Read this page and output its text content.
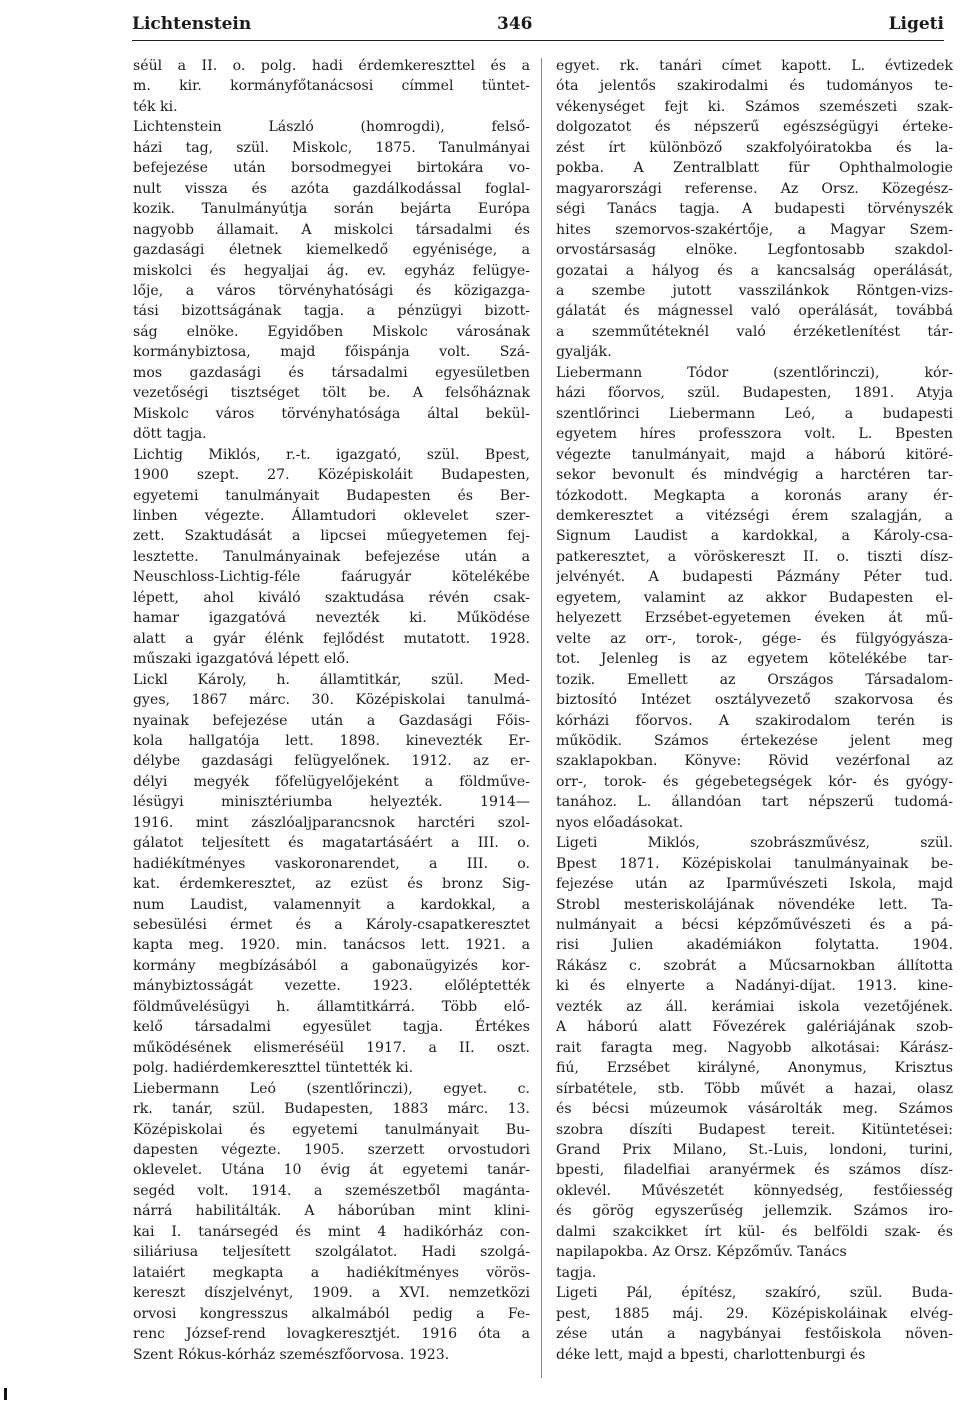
Lichtenstein	346	Ligeti
séül a II. o. polg. hadi érdemkereszttel és a
m. kir. kormányfőtanácsosi címmel tüntet-
ték ki.
Lichtenstein László (homrogdi), felső-
házi tag, szül. Miskolc, 1875. Tanulmányai
befejezése után borsodmegyei birtokára vo-
nult vissza és azóta gazdálkodással foglal-
kozik. Tanulmányútja során bejárta Európa
nagyobb államait. A miskolci társadalmi és
gazdasági életnek kiemelkedő egyénisége, a
miskolci és hegyaljai ág. ev. egyház felügye-
lője, a város törvényhatósági és közigazga-
tási bizottságának tagja. a pénzügyi bizott-
ság elnöke. Egyidőben Miskolc városának
kormánybiztosa, majd főispánja volt. Szá-
mos gazdasági és társadalmi egyesületben
vezetőségi tisztséget tölt be. A felsőháznak
Miskolc város törvényhatósága által bekül-
dött tagja.
Lichtig Miklós, r.-t. igazgató, szül. Bpest,
1900 szept. 27. Középiskoláit Budapesten,
egyetemi tanulmányait Budapesten és Ber-
linben végezte. Államtudori oklevelet szer-
zett. Szaktudását a lipcsei műegyetemen fej-
lesztette. Tanulmányainak befejezése után a
Neuschloss-Lichtig-féle faárugyár kötelékébe
lépett, ahol kiváló szaktudása révén csak-
hamar igazgatóvá nevezték ki. Működése
alatt a gyár élénk fejlődést mutatott. 1928.
műszaki igazgatóvá lépett elő.
Lickl Károly, h. államtitkár, szül. Med-
gyes, 1867 márc. 30. Középiskolai tanulmá-
nyainak befejezése után a Gazdasági Főis-
kola hallgatója lett. 1898. kinevezték Er-
délybe gazdasági felügyelőnek. 1912. az er-
délyi megyék főfelügyelőjeként a földműve-
lésügyi minisztériumba helyezték. 1914—
1916. mint zászlóaljparancsnok harctéri szol-
gálatot teljesített és magatartásáért a III. o.
hadiékítményes vaskoronarendet, a III. o.
kat. érdemkeresztet, az ezüst és bronz Sig-
num Laudist, valamennyit a kardokkal, a
sebesülési érmet és a Károly-csapatkeresztet
kapta meg. 1920. min. tanácsos lett. 1921. a
kormány megbízásából a gabonaügyizés kor-
mánybiztosságát vezette. 1923. előléptették
földművelésügyi h. államtitkárrá. Több elő-
kelő társadalmi egyesület tagja. Értékes
működésének elismeréséül 1917. a II. oszt.
polg. hadiérdemkereszttel tüntették ki.
Liebermann Leó (szentlőrinczi), egyet. c.
rk. tanár, szül. Budapesten, 1883 márc. 13.
Középiskolai és egyetemi tanulmányait Bu-
dapesten végezte. 1905. szerzett orvostudori
oklevelet. Utána 10 évig át egyetemi tanár-
segéd volt. 1914. a szemészetből magánta-
nárrá habilitálták. A háborúban mint klini-
kai I. tanársegéd és mint 4 hadikórház con-
siliáriusa teljesített szolgálatot. Hadi szolgá-
lataiért megkapta a hadiékítményes vörös-
kereszt díszjelvényt, 1909. a XVI. nemzetközi
orvosi kongresszus alkalmából pedig a Fe-
renc József-rend lovagkeresztjét. 1916 óta a
Szent Rókus-kórház szemészfőorvosa. 1923.
egyet. rk. tanári címet kapott. L. évtizedek
óta jelentős szakirodalmi és tudományos te-
vékenységet fejt ki. Számos szemészeti szak-
dolgozatot és népszerű egészségügyi érteke-
zést írt különböző szakfolyóiratokba és la-
pokba. A Zentralblatt für Ophthalmologie
magyarországi referense. Az Orsz. Közegész-
ségi Tanács tagja. A budapesti törvényszék
hites szemorvos-szakértője, a Magyar Szem-
orvostársaság elnöke. Legfontosabb szakdol-
gozatai a hályog és a kancsalság operálását,
a szembe jutott vasszilánkok Röntgen-vizs-
gálatát és mágnessel való operálását, továbbá
a szemműtéteknél való érzéketlenítést tár-
gyalják.
Liebermann Tódor (szentlőrinczi), kór-
házi főorvos, szül. Budapesten, 1891. Atyja
szentlőrinci Liebermann Leó, a budapesti
egyetem híres professzora volt. L. Bpesten
végezte tanulmányait, majd a háború kitöré-
sekor bevonult és mindvégig a harctéren tar-
tózkodott. Megkapta a koronás arany ér-
demkeresztet a vitézségi érem szalagján, a
Signum Laudist a kardokkal, a Károly-csa-
patkeresztet, a vöröskereszt II. o. tiszti dísz-
jelvényét. A budapesti Pázmány Péter tud.
egyetem, valamint az akkor Budapesten el-
helyezett Erzsébet-egyetemen éveken át mű-
velte az orr-, torok-, gége- és fülgyógyásza-
tot. Jelenleg is az egyetem kötelékébe tar-
tozik. Emellett az Országos Társadalom-
biztosító Intézet osztályvezető szakorvosa és
kórházi főorvos. A szakirodalom terén is
működik. Számos értekezése jelent meg
szaklapokban. Könyve: Rövid vezérfonal az
orr-, torok- és gégebetegségek kór- és gyógy-
tanához. L. állandóan tart népszerű tudomá-
nyos előadásokat.
Ligeti Miklós, szobrászművész, szül.
Bpest 1871. Középiskolai tanulmányainak be-
fejezése után az Iparművészeti Iskola, majd
Strobl mesteriskolájának növendéke lett. Ta-
nulmányait a bécsi képzőművészeti és a pá-
risi Julien akadémiákon folytatta. 1904.
Rákász c. szobrát a Műcsarnokban állította
ki és elnyerte a Nadányi-díjat. 1913. kine-
vezték az áll. kerámiai iskola vezetőjének.
A háború alatt Fővezérek galériájának szob-
rait faragta meg. Nagyobb alkotásai: Kárász-
fiú, Erzsébet királyné, Anonymus, Krisztus
sírbatétele, stb. Több művét a hazai, olasz
és bécsi múzeumok vásárolták meg. Számos
szobra díszíti Budapest tereit. Kitüntetései:
Grand Prix Milano, St.-Luis, londoni, turini,
bpesti, filadelfiai aranyérmek és számos dísz-
oklevél. Művészetét könnyedség, festőiesség
és görög egyszerűség jellemzik. Számos iro-
dalmi szakcikket írt kül- és belföldi szak- és
napilapokba. Az Orsz. Képzőműv. Tanács
tagja.
Ligeti Pál, építész, szakíró, szül. Buda-
pest, 1885 máj. 29. Középiskoláinak elvég-
zése után a nagybányai festőiskola növen-
déke lett, majd a bpesti, charlottenburgi és
